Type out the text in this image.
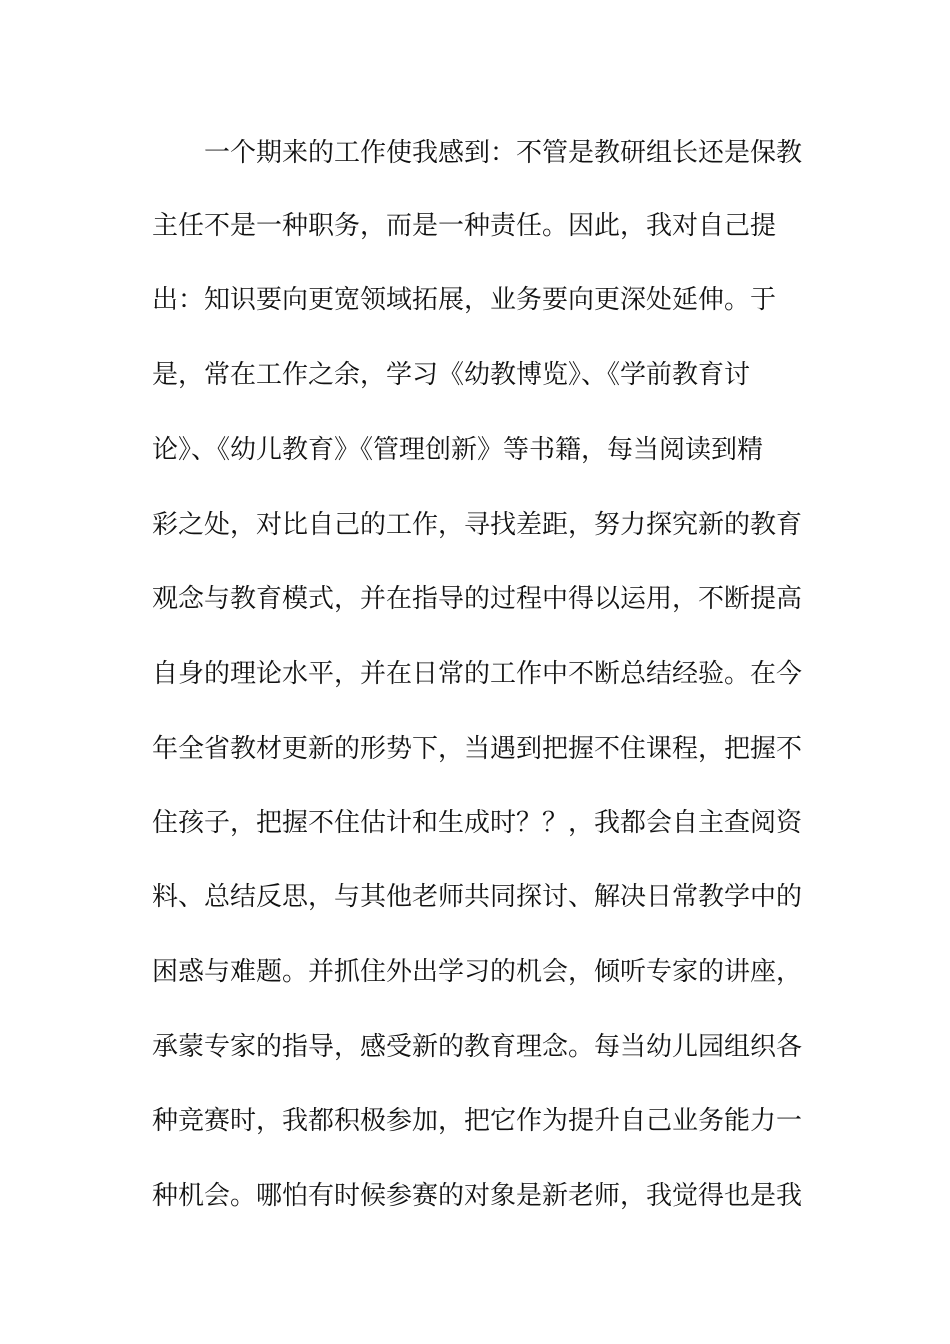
一个期来的工作使我感到：不管是教研组长还是保教
主任不是一种职务，而是一种责任。因此，我对自己提
出：知识要向更宽领域拓展，业务要向更深处延伸。于
是，常在工作之余，学习《幼教博览》、《学前教育讨
论》、《幼儿教育》《管理创新》等书籍，每当阅读到精
彩之处，对比自己的工作，寻找差距，努力探究新的教育
观念与教育模式，并在指导的过程中得以运用，不断提高
自身的理论水平，并在日常的工作中不断总结经验。在今
年全省教材更新的形势下，当遇到把握不住课程，把握不
住孩子，把握不住估计和生成时？？，我都会自主查阅资
料、总结反思，与其他老师共同探讨、解决日常教学中的
困惑与难题。并抓住外出学习的机会，倾听专家的讲座，
承蒙专家的指导，感受新的教育理念。每当幼儿园组织各
种竞赛时，我都积极参加，把它作为提升自己业务能力一
种机会。哪怕有时候参赛的对象是新老师，我觉得也是我
